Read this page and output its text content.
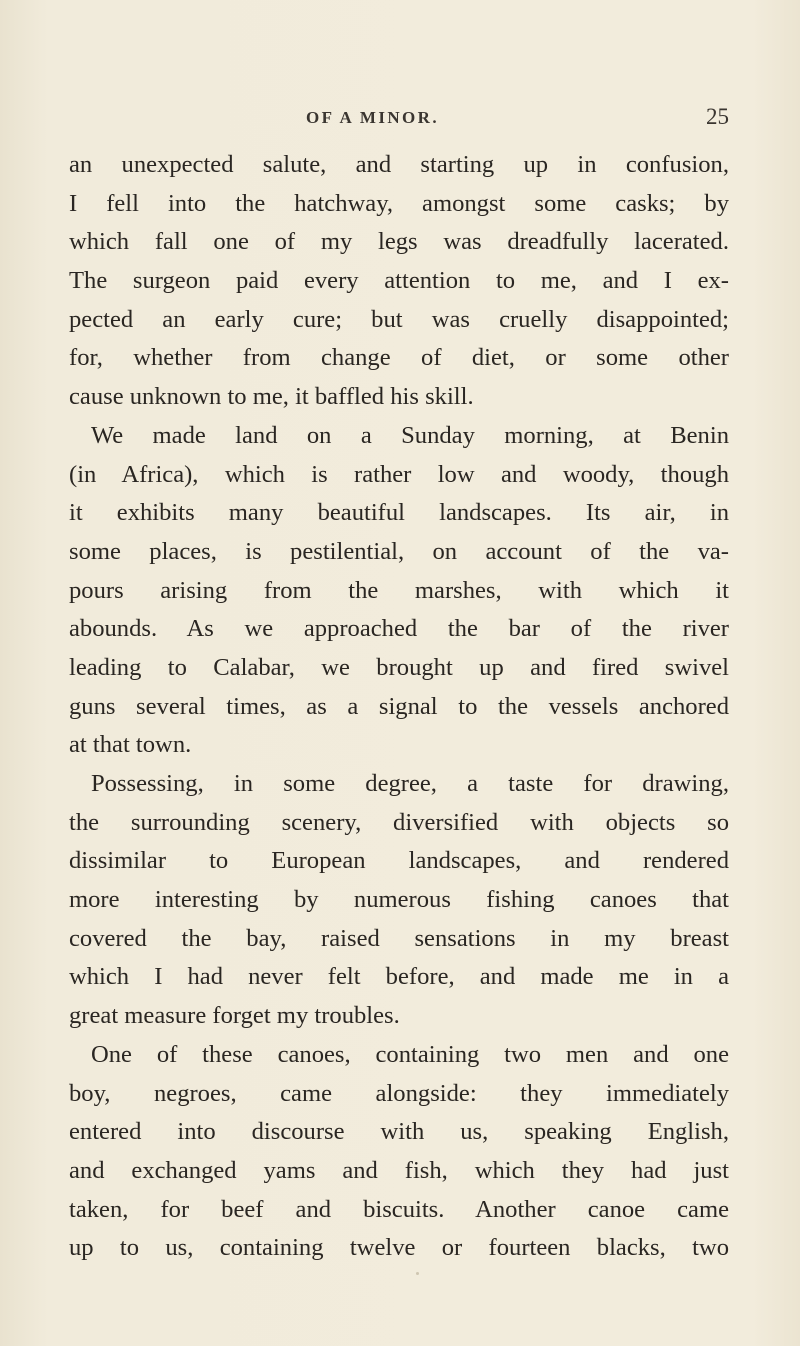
OF A MINOR.	25
an unexpected salute, and starting up in confusion,
I fell into the hatchway, amongst some casks; by
which fall one of my legs was dreadfully lacerated.
The surgeon paid every attention to me, and I ex-
pected an early cure; but was cruelly disappointed;
for, whether from change of diet, or some other
cause unknown to me, it baffled his skill.
We made land on a Sunday morning, at Benin
(in Africa), which is rather low and woody, though
it exhibits many beautiful landscapes. Its air, in
some places, is pestilential, on account of the va-
pours arising from the marshes, with which it
abounds. As we approached the bar of the river
leading to Calabar, we brought up and fired swivel
guns several times, as a signal to the vessels anchored
at that town.
Possessing, in some degree, a taste for drawing,
the surrounding scenery, diversified with objects so
dissimilar to European landscapes, and rendered
more interesting by numerous fishing canoes that
covered the bay, raised sensations in my breast
which I had never felt before, and made me in a
great measure forget my troubles.
One of these canoes, containing two men and one
boy, negroes, came alongside: they immediately
entered into discourse with us, speaking English,
and exchanged yams and fish, which they had just
taken, for beef and biscuits. Another canoe came
up to us, containing twelve or fourteen blacks, two
